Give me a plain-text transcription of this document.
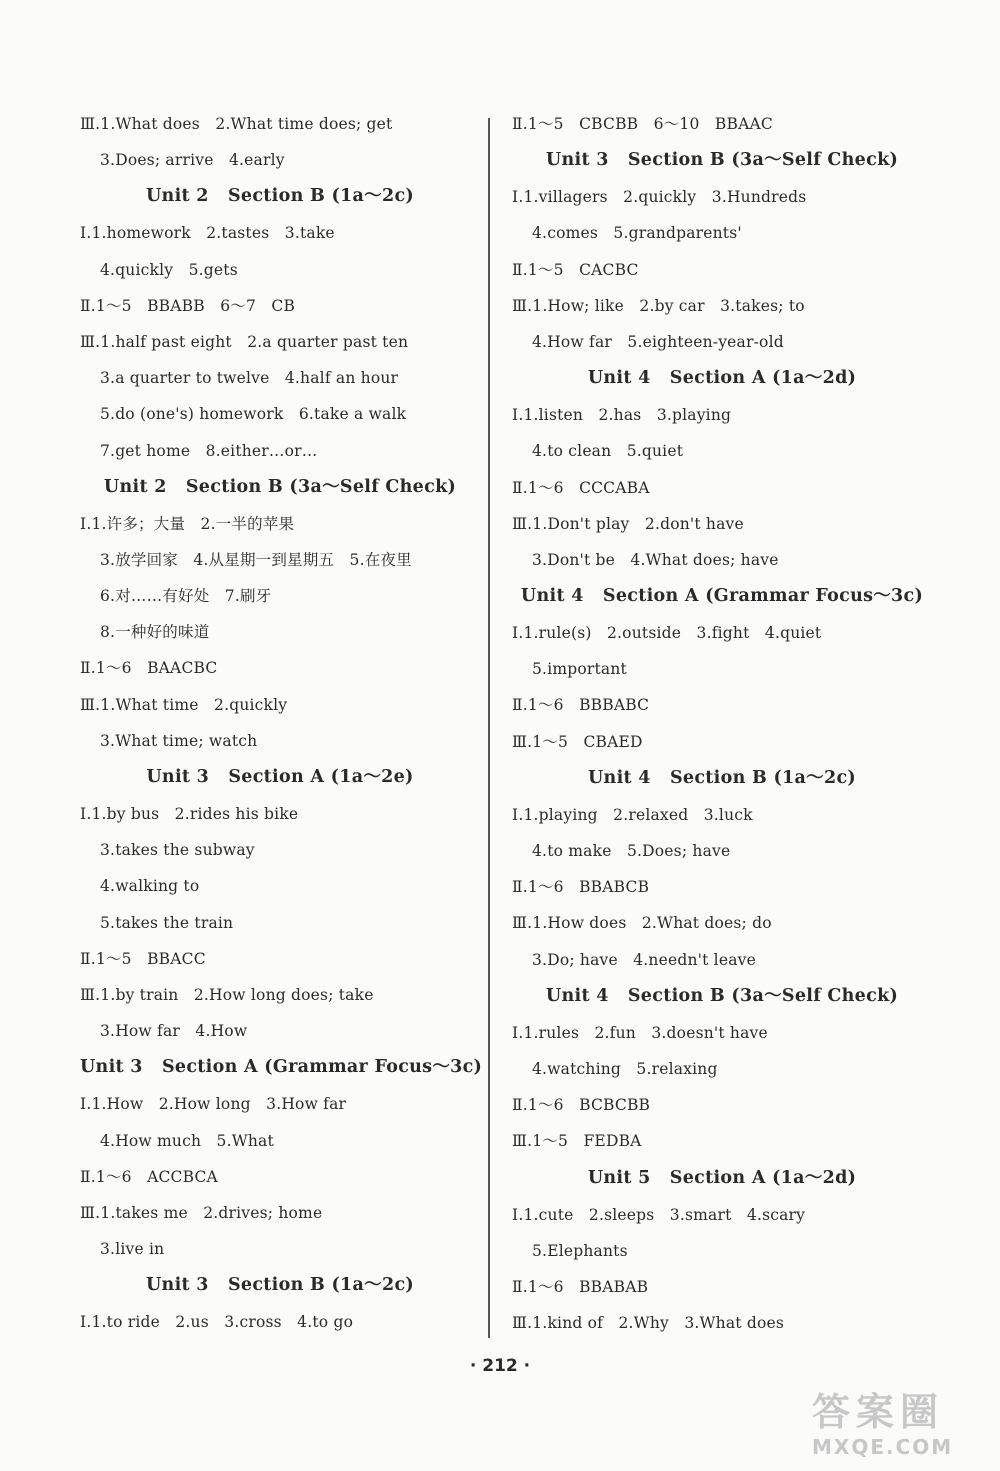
Ⅲ.1.What does   2.What time does; get
3.Does; arrive   4.early
Unit 2   Section B (1a～2c)
Ⅰ.1.homework   2.tastes   3.take
4.quickly   5.gets
Ⅱ.1～5   BBABB   6～7   CB
Ⅲ.1.half past eight   2.a quarter past ten
3.a quarter to twelve   4.half an hour
5.do (one's) homework   6.take a walk
7.get home   8.either…or…
Unit 2   Section B (3a～Self Check)
Ⅰ.1.许多；大量   2.一半的苹果
3.放学回家   4.从星期一到星期五   5.在夜里
6.对……有好处   7.刷牙
8.一种好的味道
Ⅱ.1～6   BAACBC
Ⅲ.1.What time   2.quickly
3.What time; watch
Unit 3   Section A (1a～2e)
Ⅰ.1.by bus   2.rides his bike
3.takes the subway
4.walking to
5.takes the train
Ⅱ.1～5   BBACC
Ⅲ.1.by train   2.How long does; take
3.How far   4.How
Unit 3   Section A (Grammar Focus～3c)
Ⅰ.1.How   2.How long   3.How far
4.How much   5.What
Ⅱ.1～6   ACCBCA
Ⅲ.1.takes me   2.drives; home
3.live in
Unit 3   Section B (1a～2c)
Ⅰ.1.to ride   2.us   3.cross   4.to go
Ⅱ.1～5   CBCBB   6～10   BBAAC
Unit 3   Section B (3a～Self Check)
Ⅰ.1.villagers   2.quickly   3.Hundreds
4.comes   5.grandparents'
Ⅱ.1～5   CACBC
Ⅲ.1.How; like   2.by car   3.takes; to
4.How far   5.eighteen-year-old
Unit 4   Section A (1a～2d)
Ⅰ.1.listen   2.has   3.playing
4.to clean   5.quiet
Ⅱ.1～6   CCCABA
Ⅲ.1.Don't play   2.don't have
3.Don't be   4.What does; have
Unit 4   Section A (Grammar Focus～3c)
Ⅰ.1.rule(s)   2.outside   3.fight   4.quiet
5.important
Ⅱ.1～6   BBBABC
Ⅲ.1～5   CBAED
Unit 4   Section B (1a～2c)
Ⅰ.1.playing   2.relaxed   3.luck
4.to make   5.Does; have
Ⅱ.1～6   BBABCB
Ⅲ.1.How does   2.What does; do
3.Do; have   4.needn't leave
Unit 4   Section B (3a～Self Check)
Ⅰ.1.rules   2.fun   3.doesn't have
4.watching   5.relaxing
Ⅱ.1～6   BCBCBB
Ⅲ.1～5   FEDBA
Unit 5   Section A (1a～2d)
Ⅰ.1.cute   2.sleeps   3.smart   4.scary
5.Elephants
Ⅱ.1～6   BBABAB
Ⅲ.1.kind of   2.Why   3.What does
· 212 ·
答案圈
MXQE.COM
